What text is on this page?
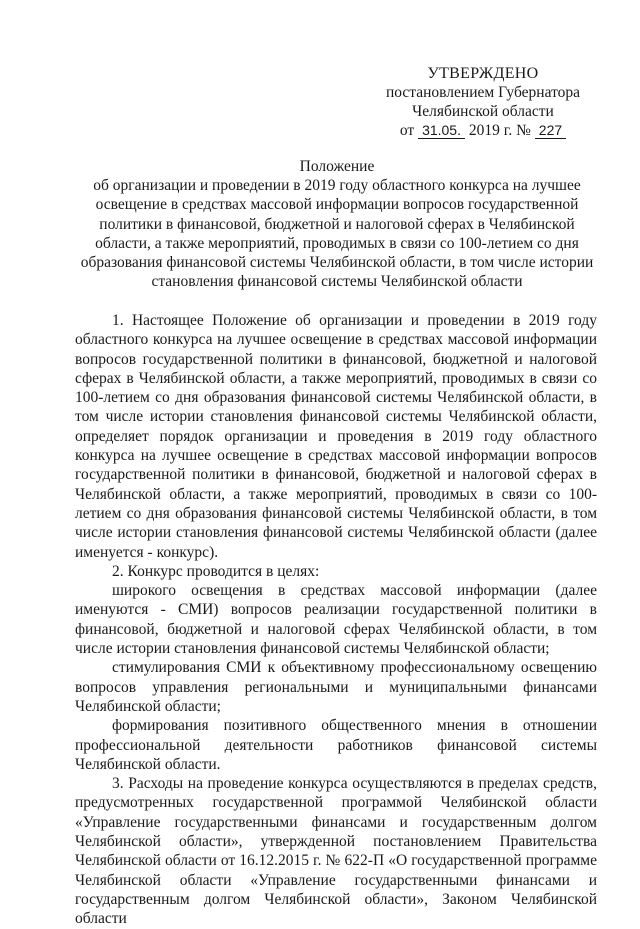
УТВЕРЖДЕНО
постановлением Губернатора
Челябинской области
от 31.05. 2019 г. № 227
Положение
об организации и проведении в 2019 году областного конкурса на лучшее
освещение в средствах массовой информации вопросов государственной
политики в финансовой, бюджетной и налоговой сферах в Челябинской
области, а также мероприятий, проводимых в связи со 100-летием со дня
образования финансовой системы Челябинской области, в том числе истории
становления финансовой системы Челябинской области

1. Настоящее Положение об организации и проведении в 2019 году областного конкурса на лучшее освещение в средствах массовой информации вопросов государственной политики в финансовой, бюджетной и налоговой сферах в Челябинской области, а также мероприятий, проводимых в связи со 100-летием со дня образования финансовой системы Челябинской области, в том числе истории становления финансовой системы Челябинской области, определяет порядок организации и проведения в 2019 году областного конкурса на лучшее освещение в средствах массовой информации вопросов государственной политики в финансовой, бюджетной и налоговой сферах в Челябинской области, а также мероприятий, проводимых в связи со 100-летием со дня образования финансовой системы Челябинской области, в том числе истории становления финансовой системы Челябинской области (далее именуется - конкурс).

2. Конкурс проводится в целях:

широкого освещения в средствах массовой информации (далее именуются - СМИ) вопросов реализации государственной политики в финансовой, бюджетной и налоговой сферах Челябинской области, в том числе истории становления финансовой системы Челябинской области;

стимулирования СМИ к объективному профессиональному освещению вопросов управления региональными и муниципальными финансами Челябинской области;

формирования позитивного общественного мнения в отношении профессиональной деятельности работников финансовой системы Челябинской области.

3. Расходы на проведение конкурса осуществляются в пределах средств, предусмотренных государственной программой Челябинской области «Управление государственными финансами и государственным долгом Челябинской области», утвержденной постановлением Правительства Челябинской области от 16.12.2015 г. № 622-П «О государственной программе Челябинской области «Управление государственными финансами и государственным долгом Челябинской области», Законом Челябинской области
